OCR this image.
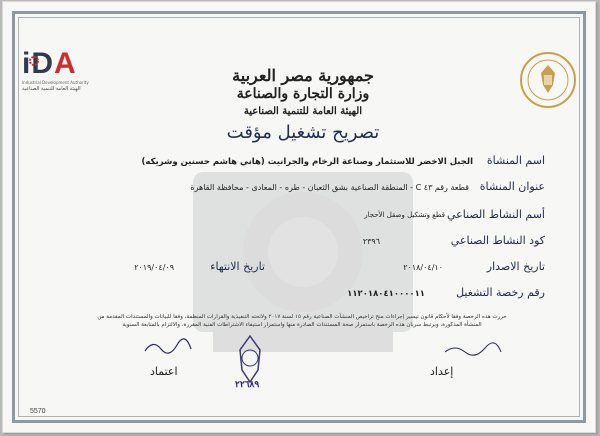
iDA
Industrial Development Authority
الهيئة العامة للتنمية الصناعية
جمهورية مصر العربية
وزارة التجارة والصناعة
الهيئة العامة للتنمية الصناعية
تصريح تشغيل مؤقت
اسم المنشاة
الجبل الاخضر للاستثمار وصناعة الرخام والجرانيت (هاني هاشم حسنين وشريكه)
عنوان المنشاة
قطعة رقم ٤٣ C - المنطقة الصناعية بشق الثعبان - طره - المعادى - محافظة القاهرة
أسم النشاط الصناعي
قطع وتشكيل وصقل الأحجار
كود النشاط الصناعي
٢٣٩٦
تاريخ الاصدار
٢٠١٨/٠٤/١٠
تاريخ الانتهاء
٢٠١٩/٠٤/٠٩
رقم رخصة التشغيل
١١٢٠١٨٠٤١٠٠٠٠١١
حررت هذه الرخصة وفقا لأحكام قانون تيسير إجراءات منح تراخيص المنشآت الصناعية رقم ١٥ لسنة ٢٠١٧ ولائحته التنفيذية والقرارات المنظمة، وفقا للبيانات والمستندات المقدمة من المنشأة المذكورة، ويرتبط سريان هذه الرخصة باستمرار صحة المستندات الصادرة منها واستمرار استيفاء الاشتراطات الفنية المقررة، والالتزام بالمتابعة السنوية
اعتماد	إعداد
٢٢٦٨٩
5570
